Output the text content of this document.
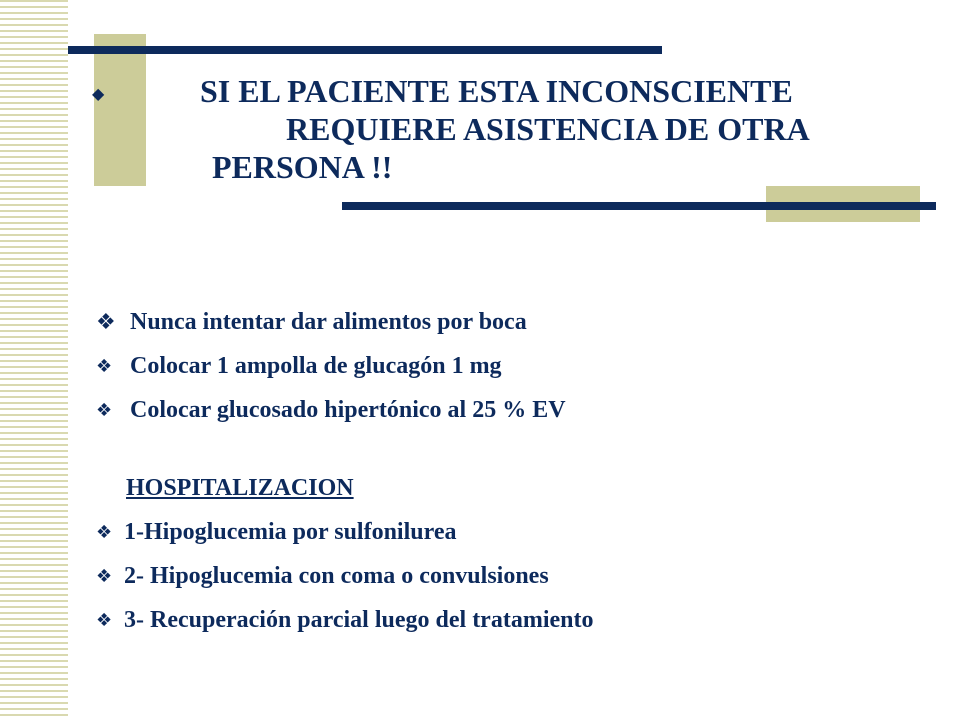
◆	SI EL PACIENTE ESTA INCONSCIENTE
REQUIERE ASISTENCIA DE OTRA
PERSONA !!
❖ Nunca intentar dar alimentos por boca
❖ Colocar 1 ampolla de glucagón 1 mg
❖ Colocar glucosado hipertónico al 25 % EV
HOSPITALIZACION
❖ 1-Hipoglucemia por sulfonilurea
❖ 2- Hipoglucemia con coma o convulsiones
❖ 3- Recuperación parcial luego del tratamiento
